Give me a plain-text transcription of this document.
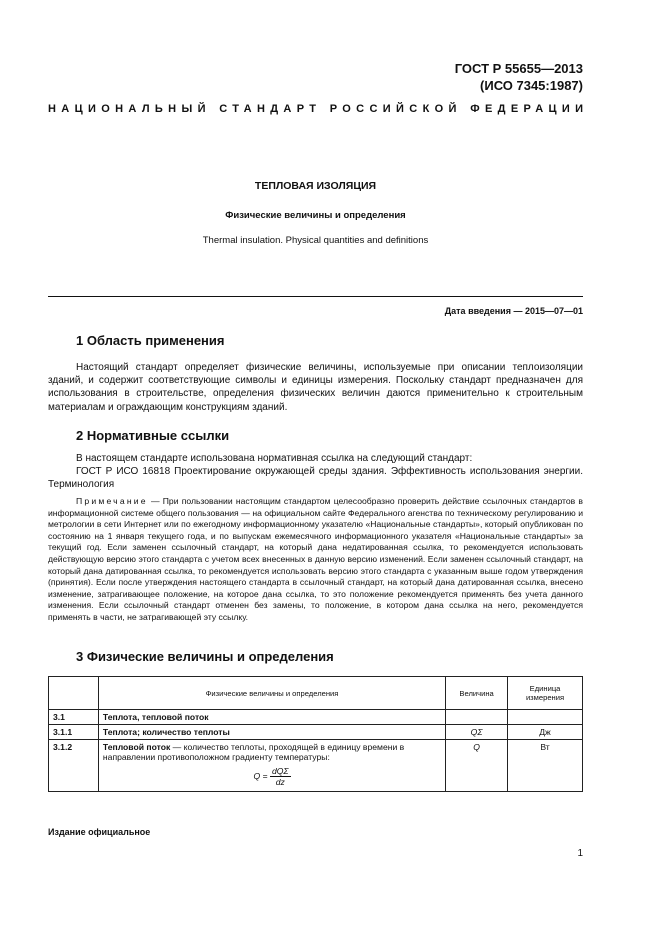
ГОСТ Р 55655—2013
(ИСО 7345:1987)
НАЦИОНАЛЬНЫЙ СТАНДАРТ РОССИЙСКОЙ ФЕДЕРАЦИИ
ТЕПЛОВАЯ ИЗОЛЯЦИЯ
Физические величины и определения
Thermal insulation. Physical quantities and definitions
Дата введения — 2015—07—01
1 Область применения

Настоящий стандарт определяет физические величины, используемые при описании теплоизоляции зданий, и содержит соответствующие символы и единицы измерения. Поскольку стандарт предназначен для использования в строительстве, определения физических величин даются применительно к строительным материалам и ограждающим конструкциям зданий.

2 Нормативные ссылки

В настоящем стандарте использована нормативная ссылка на следующий стандарт:

ГОСТ Р ИСО 16818 Проектирование окружающей среды здания. Эффективность использования энергии. Терминология

Примечание — При пользовании настоящим стандартом целесообразно проверить действие ссылочных стандартов в информационной системе общего пользования — на официальном сайте Федерального агенства по техническому регулированию и метрологии в сети Интернет или по ежегодному информационному указателю «Национальные стандарты», который опубликован по состоянию на 1 января текущего года, и по выпускам ежемесячного информационного указателя «Национальные стандарты» за текущий год. Если заменен ссылочный стандарт, на который дана недатированная ссылка, то рекомендуется использовать действующую версию этого стандарта с учетом всех внесенных в данную версию изменений. Если заменен ссылочный стандарт, на который дана датированная ссылка, то рекомендуется использовать версию этого стандарта с указанным выше годом утверждения (принятия). Если после утверждения настоящего стандарта в ссылочный стандарт, на который дана датированная ссылка, внесено изменение, затрагивающее положение, на которое дана ссылка, то это положение рекомендуется применять без учета данного изменения. Если ссылочный стандарт отменен без замены, то положение, в котором дана ссылка на него, рекомендуется применять в части, не затрагивающей эту ссылку.

3 Физические величины и определения
	Физические величины и определения	Величина	Единица измерения
3.1	Теплота, тепловой поток		
3.1.1	Теплота; количество теплоты	QΣ	Дж
3.1.2	Тепловой поток — количество теплоты, проходящей в единицу времени в направлении противоположном градиенту температуры:
$Q = \frac{\text{dQΣ}}{dz}$	Q	Вт
Издание официальное
1
